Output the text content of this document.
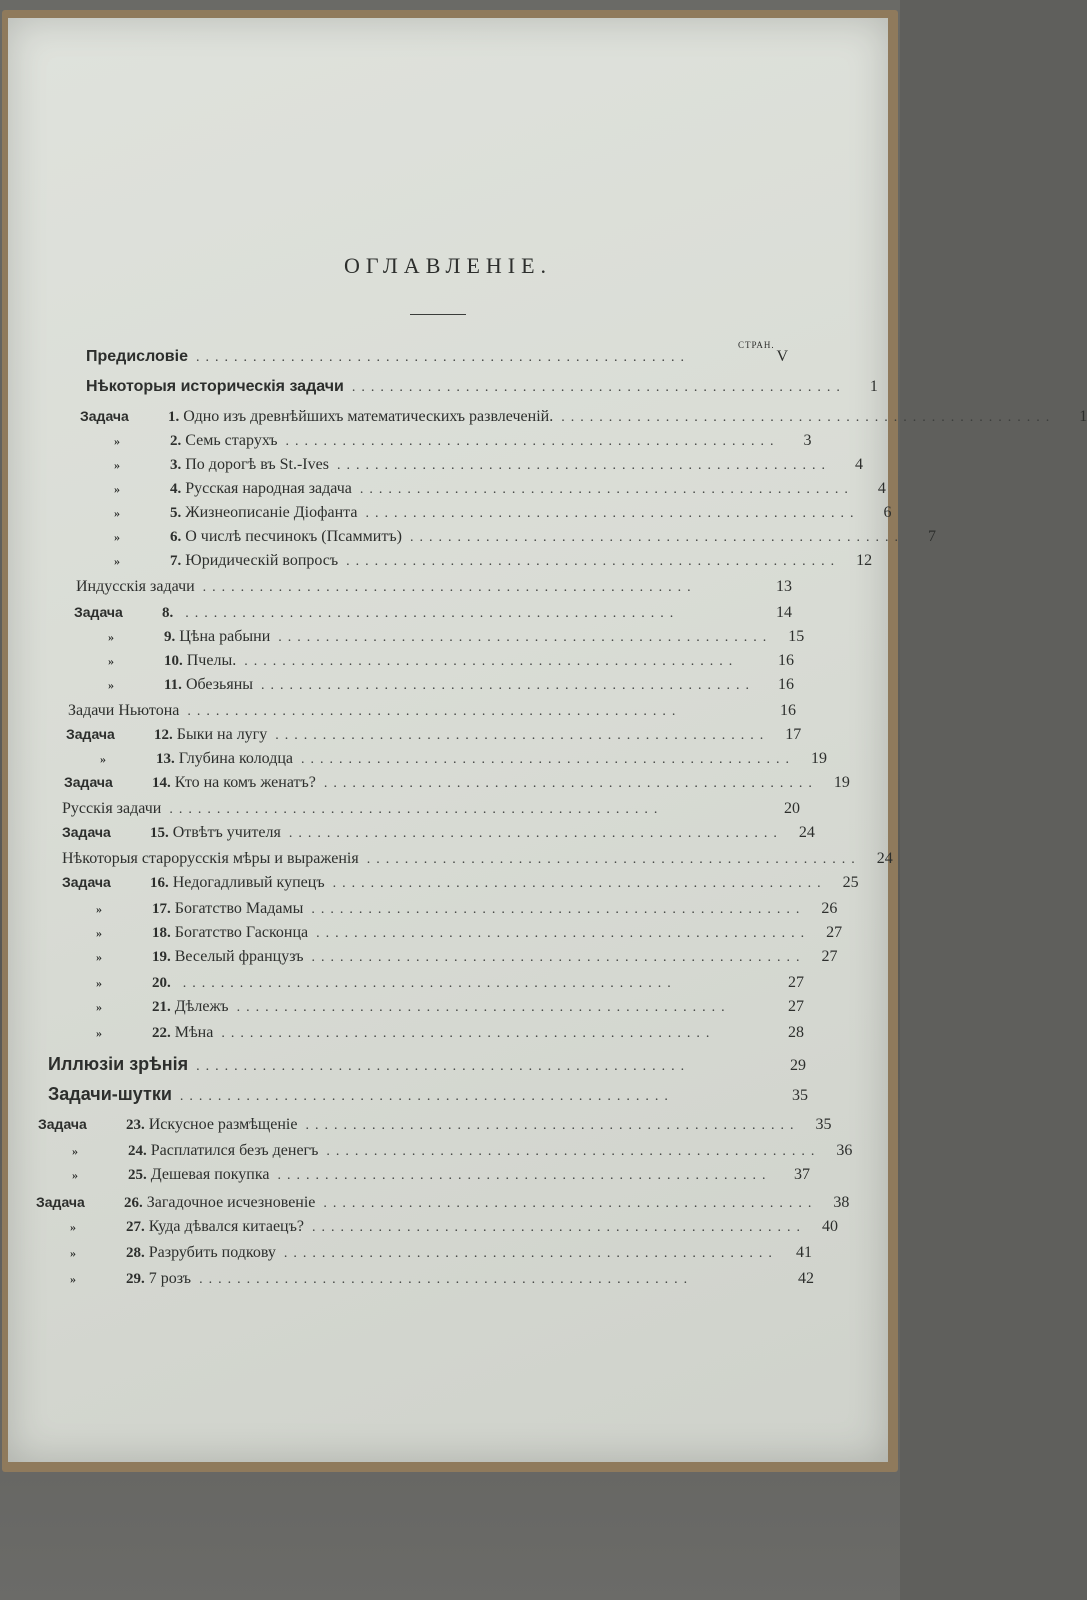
ОГЛАВЛЕНІЕ.
СТРАН.
Предисловіе ....................................................	V
Нѣкоторыя историческія задачи ....................................................	1
Задача	1. Одно изъ древнѣйшихъ математическихъ развлеченій. ....................................................	1
»	2. Семь старухъ ....................................................	3
»	3. По дорогѣ въ St.-Ives ....................................................	4
»	4. Русская народная задача ....................................................	4
»	5. Жизнеописаніе Діофанта ....................................................	6
»	6. О числѣ песчинокъ (Псаммитъ) ....................................................	7
»	7. Юридическій вопросъ ....................................................	12
Индусскія задачи ....................................................	13
Задача	8. ....................................................	14
»	9. Цѣна рабыни ....................................................	15
»	10. Пчелы. ....................................................	16
»	11. Обезьяны ....................................................	16
Задачи Ньютона ....................................................	16
Задача	12. Быки на лугу ....................................................	17
»	13. Глубина колодца ....................................................	19
Задача	14. Кто на комъ женатъ? ....................................................	19
Русскія задачи ....................................................	20
Задача	15. Отвѣтъ учителя ....................................................	24
Нѣкоторыя старорусскія мѣры и выраженія ....................................................	24
Задача	16. Недогадливый купецъ ....................................................	25
»	17. Богатство Мадамы ....................................................	26
»	18. Богатство Гасконца ....................................................	27
»	19. Веселый французъ ....................................................	27
»	20. ....................................................	27
»	21. Дѣлежъ ....................................................	27
»	22. Мѣна ....................................................	28
Иллюзіи зрѣнія ....................................................	29
Задачи-шутки ....................................................	35
Задача	23. Искусное размѣщеніе ....................................................	35
»	24. Расплатился безъ денегъ ....................................................	36
»	25. Дешевая покупка ....................................................	37
Задача	26. Загадочное исчезновеніе ....................................................	38
»	27. Куда дѣвался китаецъ? ....................................................	40
»	28. Разрубить подкову ....................................................	41
»	29. 7 розъ ....................................................	42
